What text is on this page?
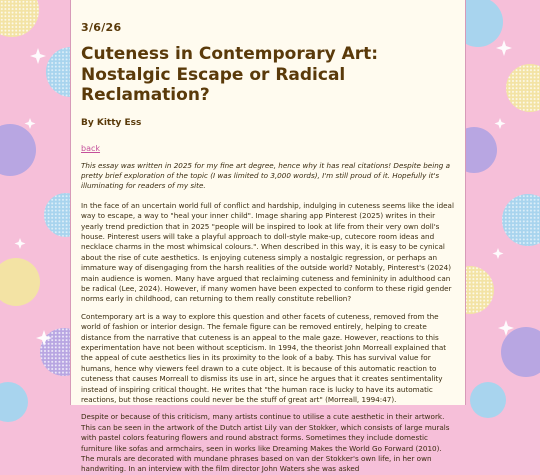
3/6/26
Cuteness in Contemporary Art: Nostalgic Escape or Radical Reclamation?
By Kitty Ess
back

This essay was written in 2025 for my fine art degree, hence why it has real citations! Despite being a pretty brief exploration of the topic (I was limited to 3,000 words), I'm still proud of it. Hopefully it's illuminating for readers of my site.

In the face of an uncertain world full of conflict and hardship, indulging in cuteness seems like the ideal way to escape, a way to "heal your inner child". Image sharing app Pinterest (2025) writes in their yearly trend prediction that in 2025 "people will be inspired to look at life from their very own doll's house. Pinterest users will take a playful approach to doll-style make-up, cutecore room ideas and necklace charms in the most whimsical colours.". When described in this way, it is easy to be cynical about the rise of cute aesthetics. Is enjoying cuteness simply a nostalgic regression, or perhaps an immature way of disengaging from the harsh realities of the outside world? Notably, Pinterest's (2024) main audience is women. Many have argued that reclaiming cuteness and femininity in adulthood can be radical (Lee, 2024). However, if many women have been expected to conform to these rigid gender norms early in childhood, can returning to them really constitute rebellion?

Contemporary art is a way to explore this question and other facets of cuteness, removed from the world of fashion or interior design. The female figure can be removed entirely, helping to create distance from the narrative that cuteness is an appeal to the male gaze. However, reactions to this experimentation have not been without scepticism. In 1994, the theorist John Morreall explained that the appeal of cute aesthetics lies in its proximity to the look of a baby. This has survival value for humans, hence why viewers feel drawn to a cute object. It is because of this automatic reaction to cuteness that causes Morreall to dismiss its use in art, since he argues that it creates sentimentality instead of inspiring critical thought. He writes that "the human race is lucky to have its automatic reactions, but those reactions could never be the stuff of great art" (Morreall, 1994:47).

Despite or because of this criticism, many artists continue to utilise a cute aesthetic in their artwork. This can be seen in the artwork of the Dutch artist Lily van der Stokker, which consists of large murals with pastel colors featuring flowers and round abstract forms. Sometimes they include domestic furniture like sofas and armchairs, seen in works like Dreaming Makes the World Go Forward (2010). The murals are decorated with mundane phrases based on van der Stokker's own life, in her own handwriting. In an interview with the film director John Waters she was asked
